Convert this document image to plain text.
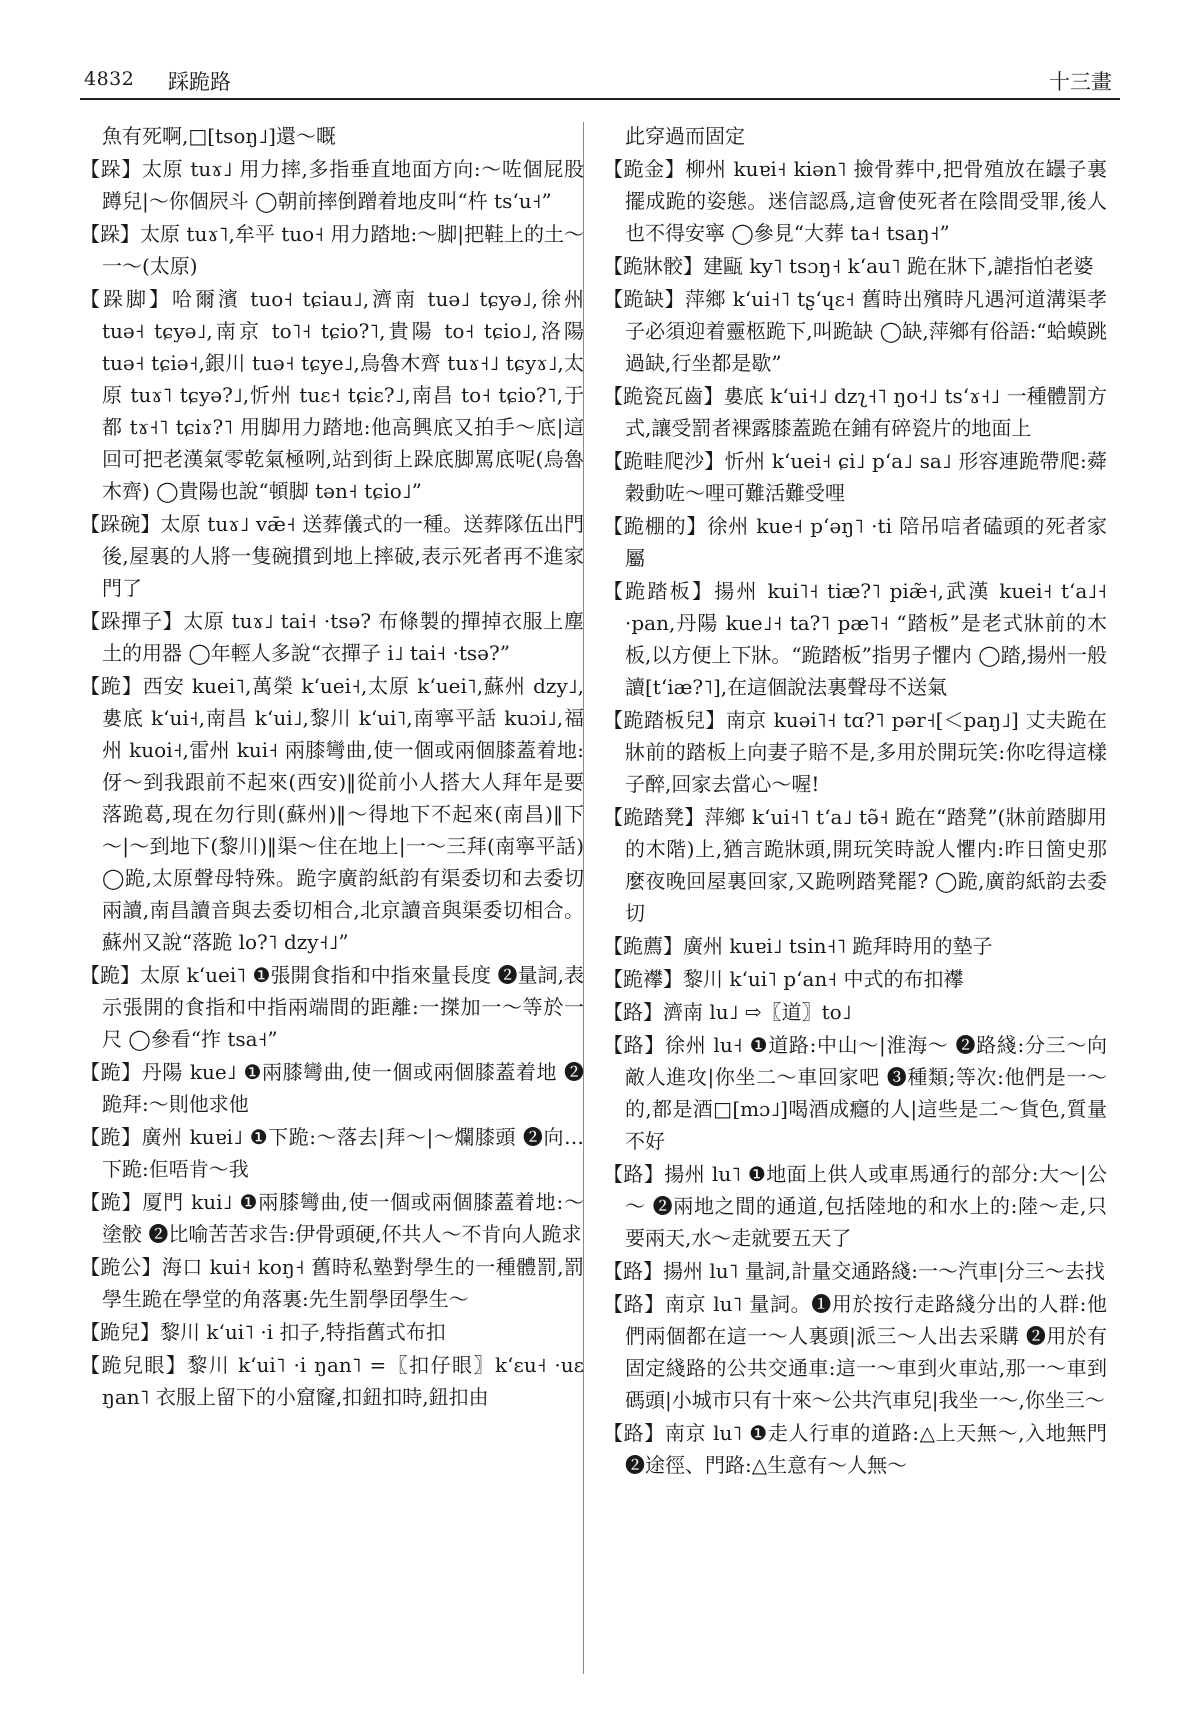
4832 踩跪路	十三畫

魚有死啊,□[tsoŋ˩]還～嘅

【跺】太原 tuɤ˩ 用力摔,多指垂直地面方向:～咗個屁股蹲兒|～你個屄斗 ◯朝前摔倒蹭着地皮叫“杵 tsʻu˧”

【跺】太原 tuɤ˥,牟平 tuo˧ 用力踏地:～脚|把鞋上的土～一～(太原)

【跺脚】哈爾濱 tuo˧ tɕiau˩,濟南 tuə˩ tɕyə˩,徐州 tuə˧ tɕyə˩,南京 to˥˧ tɕio?˥,貴陽 to˧ tɕio˩,洛陽 tuə˧ tɕiə˧,銀川 tuə˧ tɕye˩,烏魯木齊 tuɤ˧˩ tɕyɤ˩,太原 tuɤ˥ tɕyə?˩,忻州 tuɛ˧ tɕiɛ?˩,南昌 to˧ tɕio?˥,于都 tɤ˧˥ tɕiɤ?˥ 用脚用力踏地:他高興底又拍手～底|這回可把老漢氣零乾氣極咧,站到街上跺底脚罵底呢(烏魯木齊) ◯貴陽也說“頓脚 tən˧ tɕio˩”

【跺碗】太原 tuɤ˩ vǣ˧ 送葬儀式的一種。送葬隊伍出門後,屋裏的人將一隻碗摜到地上摔破,表示死者再不進家門了

【跺撣子】太原 tuɤ˩ tai˧ ·tsə? 布條製的撣掉衣服上塵土的用器 ◯年輕人多說“衣撣子 i˩ tai˧ ·tsə?”

【跪】西安 kuei˥,萬榮 kʻuei˧,太原 kʻuei˥,蘇州 dzy˩,婁底 kʻui˧,南昌 kʻui˩,黎川 kʻui˥,南寧平話 kuɔi˩,福州 kuoi˧,雷州 kui˧ 兩膝彎曲,使一個或兩個膝蓋着地:伢～到我跟前不起來(西安)‖從前小人搭大人拜年是要落跪葛,現在勿行則(蘇州)‖～得地下不起來(南昌)‖下～|～到地下(黎川)‖渠～住在地上|一～三拜(南寧平話) ◯跪,太原聲母特殊。跪字廣韵紙韵有渠委切和去委切兩讀,南昌讀音與去委切相合,北京讀音與渠委切相合。蘇州又說“落跪 lo?˥ dzy˧˩”

【跪】太原 kʻuei˥ ❶張開食指和中指來量長度 ❷量詞,表示張開的食指和中指兩端間的距離:一搩加一～等於一尺 ◯參看“拃 tsa˧”

【跪】丹陽 kue˩ ❶兩膝彎曲,使一個或兩個膝蓋着地 ❷跪拜:～則他求他

【跪】廣州 kuɐi˩ ❶下跪:～落去|拜～|～爛膝頭 ❷向…下跪:佢唔肯～我

【跪】厦門 kui˩ ❶兩膝彎曲,使一個或兩個膝蓋着地:～塗骹 ❷比喻苦苦求告:伊骨頭硬,伓共人～不肯向人跪求

【跪公】海口 kui˧ koŋ˧ 舊時私塾對學生的一種體罰,罰學生跪在學堂的角落裏:先生罰學囝學生～

【跪兒】黎川 kʻui˥ ·i 扣子,特指舊式布扣

【跪兒眼】黎川 kʻui˥ ·i ŋan˥ =〖扣仔眼〗kʻɛu˧ ·uɛ ŋan˥ 衣服上留下的小窟窿,扣鈕扣時,鈕扣由

此穿過而固定

【跪金】柳州 kuɐi˧ kiən˥ 撿骨葬中,把骨殖放在罎子裏擺成跪的姿態。迷信認爲,這會使死者在陰間受罪,後人也不得安寧 ◯參見“大葬 ta˧ tsaŋ˧”

【跪牀骹】建甌 ky˥ tsɔŋ˧ kʻau˥ 跪在牀下,謔指怕老婆

【跪缺】萍鄉 kʻui˧˥ tʂʻɥɛ˧ 舊時出殯時凡遇河道溝渠孝子必須迎着靈柩跪下,叫跪缺 ◯缺,萍鄉有俗語:“蛤蟆跳過缺,行坐都是歇”

【跪瓷瓦齒】婁底 kʻui˧˩ dzʅ˧˥ ŋo˧˩ tsʻɤ˧˩ 一種體罰方式,讓受罰者裸露膝蓋跪在鋪有碎瓷片的地面上

【跪畦爬沙】忻州 kʻuei˧ ɕi˩ pʻa˩ sa˩ 形容連跪帶爬:蕣穀動咗～哩可難活難受哩

【跪棚的】徐州 kue˧ pʻəŋ˥ ·ti 陪吊唁者磕頭的死者家屬

【跪踏板】揚州 kui˥˧ tiæ?˥ piæ̃˧,武漢 kuei˧ tʻa˩˧ ·pan,丹陽 kue˩˧ ta?˥ pæ˥˧ “踏板”是老式牀前的木板,以方便上下牀。“跪踏板”指男子懼内 ◯踏,揚州一般讀[tʻiæ?˥],在這個說法裏聲母不送氣

【跪踏板兒】南京 kuəi˥˧ tɑ?˥ pər˧[＜paŋ˩] 丈夫跪在牀前的踏板上向妻子賠不是,多用於開玩笑:你吃得這樣子醉,回家去當心～喔!

【跪踏凳】萍鄉 kʻui˧˥ tʻa˩ tə̃˧ 跪在“踏凳”(牀前踏脚用的木階)上,猶言跪牀頭,開玩笑時說人懼内:昨日箇史那麼夜晚回屋裏回家,又跪咧踏凳罷? ◯跪,廣韵紙韵去委切

【跪薦】廣州 kuɐi˩ tsin˧˥ 跪拜時用的墊子

【跪襻】黎川 kʻui˥ pʻan˧ 中式的布扣襻

【路】濟南 lu˩ ⇨〖道〗to˩

【路】徐州 lu˧ ❶道路:中山～|淮海～ ❷路綫:分三～向敵人進攻|你坐二～車回家吧 ❸種類;等次:他們是一～的,都是酒□[mɔ˩]喝酒成癮的人|這些是二～貨色,質量不好

【路】揚州 lu˥ ❶地面上供人或車馬通行的部分:大～|公～ ❷兩地之間的通道,包括陸地的和水上的:陸～走,只要兩天,水～走就要五天了

【路】揚州 lu˥ 量詞,計量交通路綫:一～汽車|分三～去找

【路】南京 lu˥ 量詞。❶用於按行走路綫分出的人群:他們兩個都在這一～人裏頭|派三～人出去采購 ❷用於有固定綫路的公共交通車:這一～車到火車站,那一～車到碼頭|小城市只有十來～公共汽車兒|我坐一～,你坐三～

【路】南京 lu˥ ❶走人行車的道路:△上天無～,入地無門 ❷途徑、門路:△生意有～人無～
